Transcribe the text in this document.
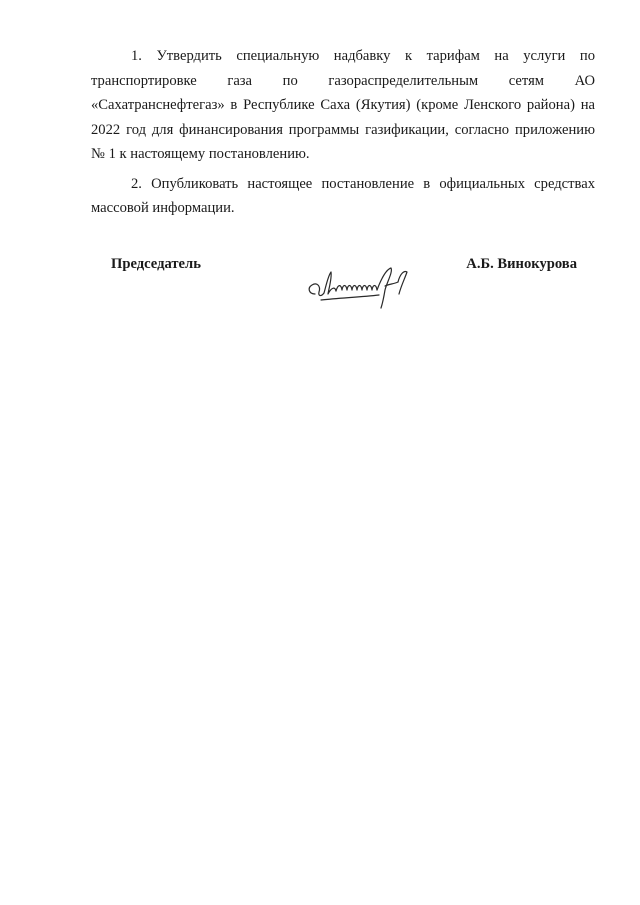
1. Утвердить специальную надбавку к тарифам на услуги по транспортировке газа по газораспределительным сетям АО «Сахатранснефтегаз» в Республике Саха (Якутия) (кроме Ленского района) на 2022 год для финансирования программы газификации, согласно приложению № 1 к настоящему постановлению.

2. Опубликовать настоящее постановление в официальных средствах массовой информации.

Председатель	А.Б. Винокурова
